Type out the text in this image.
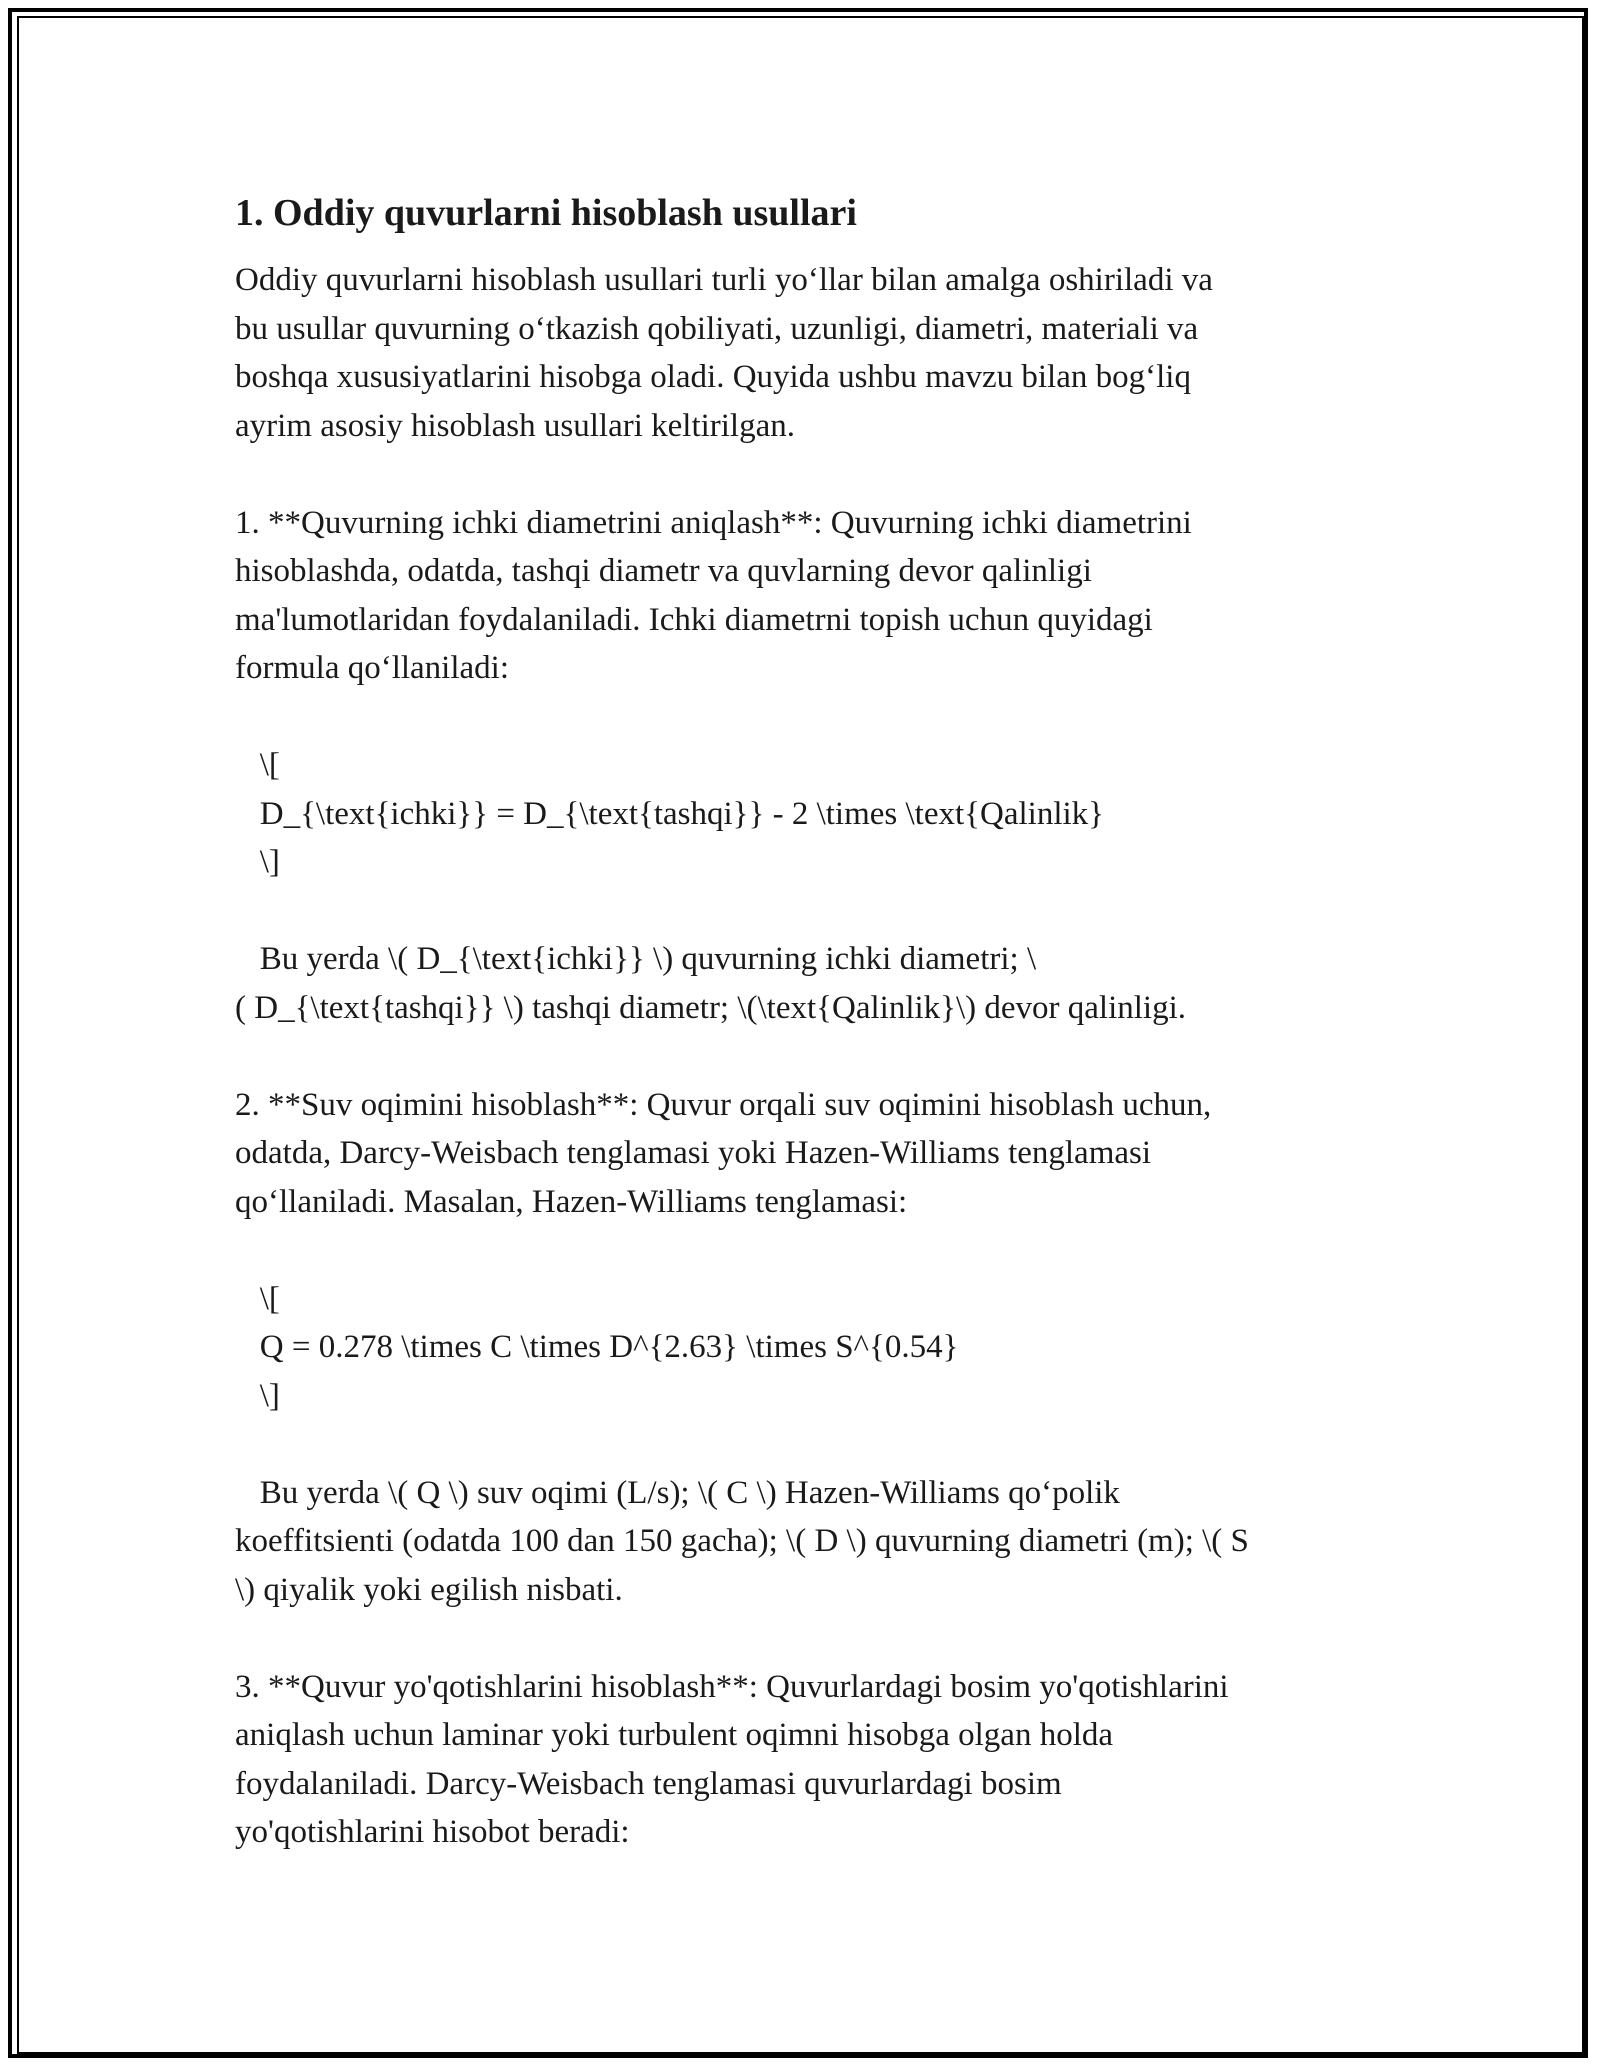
1. Oddiy quvurlarni hisoblash usullari

Oddiy quvurlarni hisoblash usullari turli yoʻllar bilan amalga oshiriladi va
bu usullar quvurning oʻtkazish qobiliyati, uzunligi, diametri, materiali va
boshqa xususiyatlarini hisobga oladi. Quyida ushbu mavzu bilan bogʻliq
ayrim asosiy hisoblash usullari keltirilgan.

1. **Quvurning ichki diametrini aniqlash**: Quvurning ichki diametrini
hisoblashda, odatda, tashqi diametr va quvlarning devor qalinligi
ma'lumotlaridan foydalaniladi. Ichki diametrni topish uchun quyidagi
formula qoʻllaniladi:

\[
D_{\text{ichki}} = D_{\text{tashqi}} - 2 \times \text{Qalinlik}
\]

Bu yerda \( D_{\text{ichki}} \) quvurning ichki diametri; \
( D_{\text{tashqi}} \) tashqi diametr; \(\text{Qalinlik}\) devor qalinligi.

2. **Suv oqimini hisoblash**: Quvur orqali suv oqimini hisoblash uchun,
odatda, Darcy-Weisbach tenglamasi yoki Hazen-Williams tenglamasi
qoʻllaniladi. Masalan, Hazen-Williams tenglamasi:

\[
Q = 0.278 \times C \times D^{2.63} \times S^{0.54}
\]

Bu yerda \( Q \) suv oqimi (L/s); \( C \) Hazen-Williams qoʻpolik
koeffitsienti (odatda 100 dan 150 gacha); \( D \) quvurning diametri (m); \( S
\) qiyalik yoki egilish nisbati.

3. **Quvur yo'qotishlarini hisoblash**: Quvurlardagi bosim yo'qotishlarini
aniqlash uchun laminar yoki turbulent oqimni hisobga olgan holda
foydalaniladi. Darcy-Weisbach tenglamasi quvurlardagi bosim
yo'qotishlarini hisobot beradi:
